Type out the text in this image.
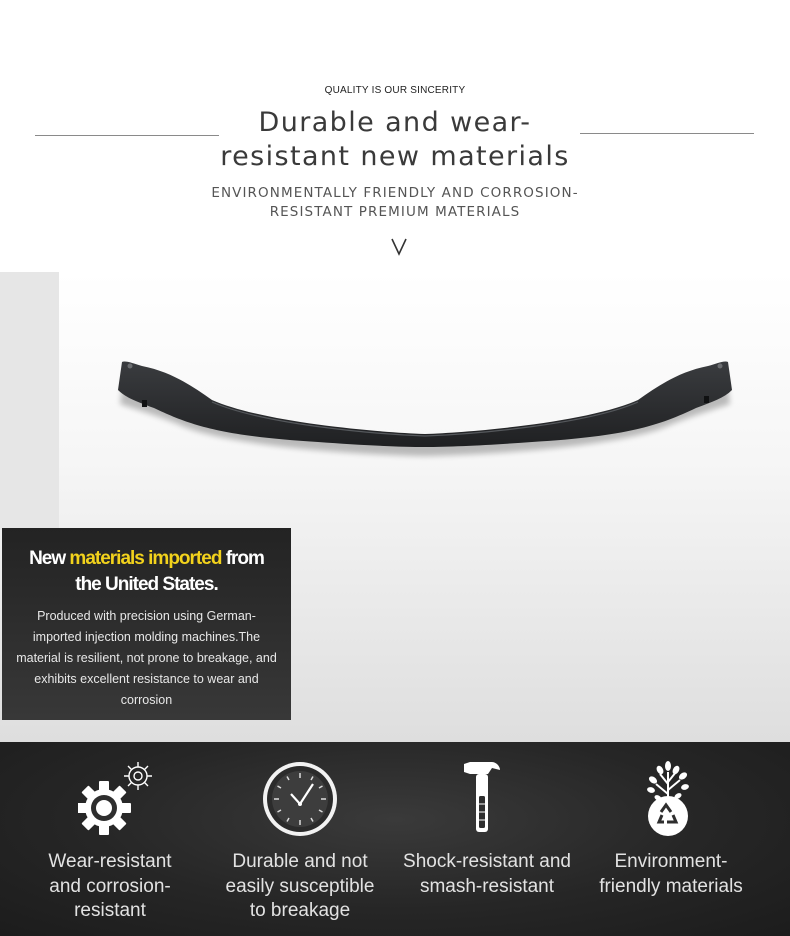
QUALITY IS OUR SINCERITY
Durable and wear-
resistant new materials
ENVIRONMENTALLY FRIENDLY AND CORROSION-
RESISTANT PREMIUM MATERIALS
New materials imported from
the United States.
Produced with precision using German-imported injection molding machines.The material is resilient, not prone to breakage, and exhibits excellent resistance to wear and corrosion
Wear-resistant
and corrosion-
resistant
Durable and not
easily susceptible
to breakage
Shock-resistant and
smash-resistant
Environment-
friendly materials
